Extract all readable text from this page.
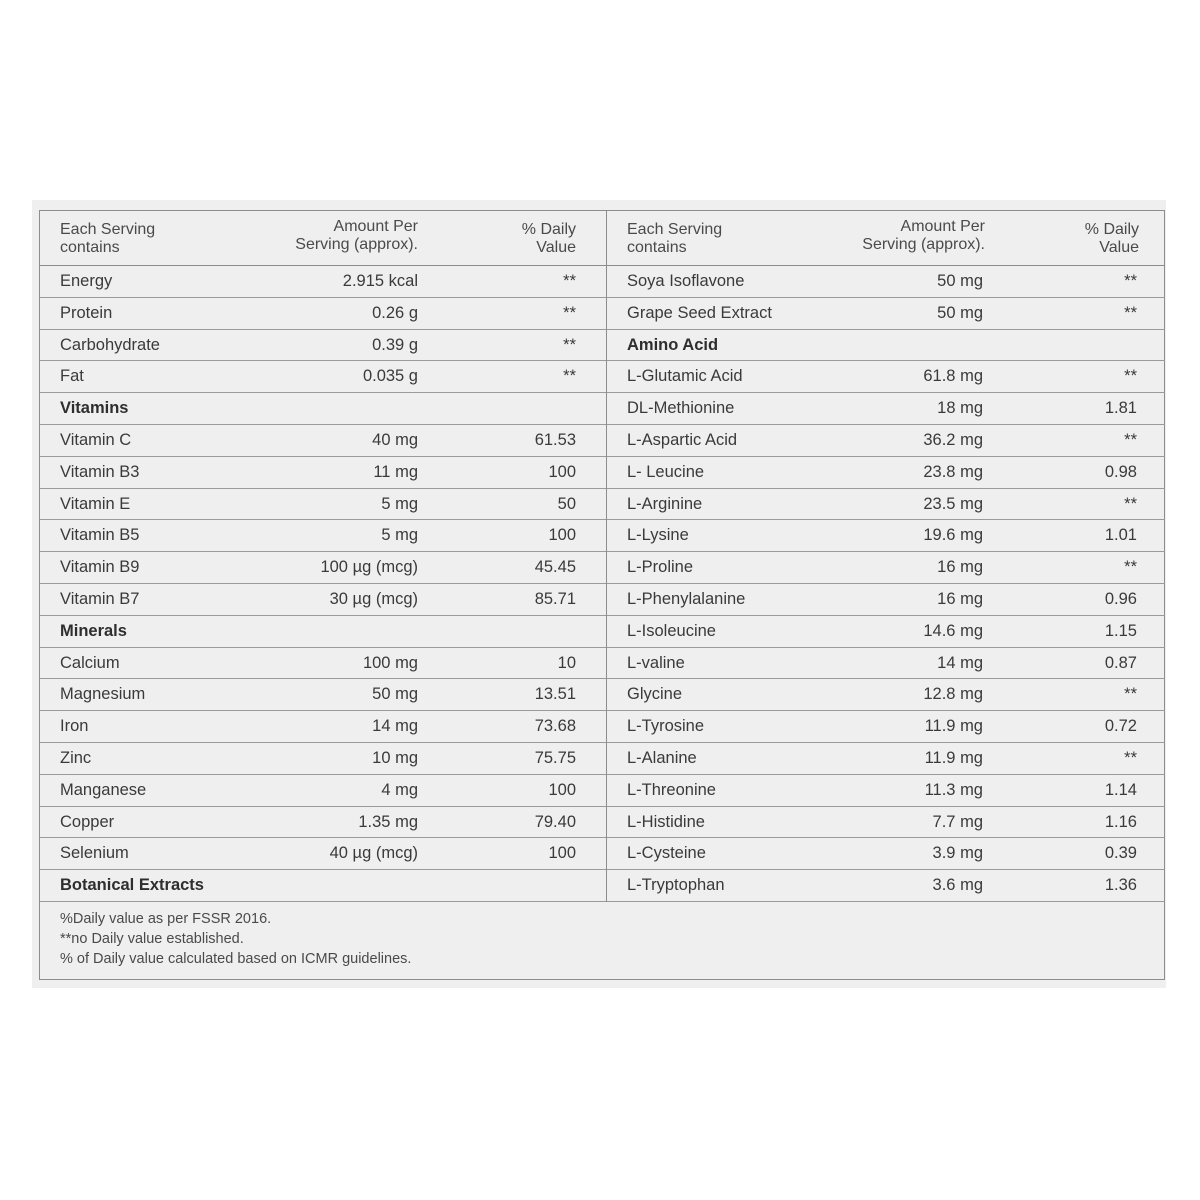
Each Serving
contains
Amount Per
Serving (approx).
% Daily
Value
Energy	2.915 kcal	**
Protein	0.26 g	**
Carbohydrate	0.39 g	**
Fat	0.035 g	**
Vitamins
Vitamin C	40 mg	61.53
Vitamin B3	11 mg	100
Vitamin E	5 mg	50
Vitamin B5	5 mg	100
Vitamin B9	100 µg (mcg)	45.45
Vitamin B7	30 µg (mcg)	85.71
Minerals
Calcium	100 mg	10
Magnesium	50 mg	13.51
Iron	14 mg	73.68
Zinc	10 mg	75.75
Manganese	4 mg	100
Copper	1.35 mg	79.40
Selenium	40 µg (mcg)	100
Botanical Extracts
Each Serving
contains
Amount Per
Serving (approx).
% Daily
Value
Soya Isoflavone	50 mg	**
Grape Seed Extract	50 mg	**
Amino Acid
L-Glutamic Acid	61.8 mg	**
DL-Methionine	18 mg	1.81
L-Aspartic Acid	36.2 mg	**
L- Leucine	23.8 mg	0.98
L-Arginine	23.5 mg	**
L-Lysine	19.6 mg	1.01
L-Proline	16 mg	**
L-Phenylalanine	16 mg	0.96
L-Isoleucine	14.6 mg	1.15
L-valine	14 mg	0.87
Glycine	12.8 mg	**
L-Tyrosine	11.9 mg	0.72
L-Alanine	11.9 mg	**
L-Threonine	11.3 mg	1.14
L-Histidine	7.7 mg	1.16
L-Cysteine	3.9 mg	0.39
L-Tryptophan	3.6 mg	1.36
%Daily value as per FSSR 2016.
**no Daily value established.
% of Daily value calculated based on ICMR guidelines.
